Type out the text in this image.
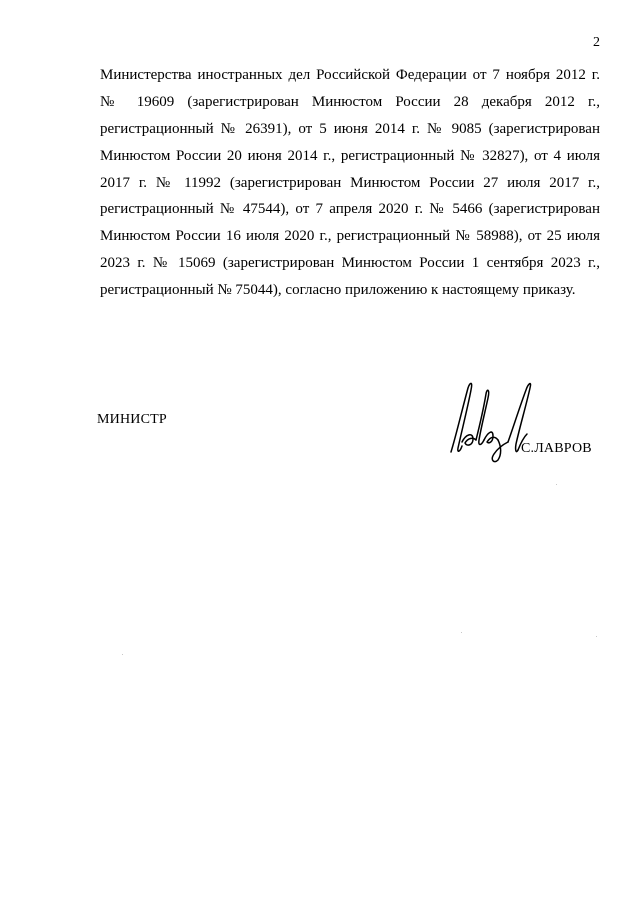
2
Министерства иностранных дел Российской Федерации от 7 ноября 2012 г.
№ 19609 (зарегистрирован Минюстом России 28 декабря 2012 г.,
регистрационный № 26391), от 5 июня 2014 г. № 9085 (зарегистрирован
Минюстом России 20 июня 2014 г., регистрационный № 32827), от 4 июля
2017 г. № 11992 (зарегистрирован Минюстом России 27 июля 2017 г.,
регистрационный № 47544), от 7 апреля 2020 г. № 5466 (зарегистрирован
Минюстом России 16 июля 2020 г., регистрационный № 58988), от 25 июля
2023 г. № 15069 (зарегистрирован Минюстом России 1 сентября 2023 г.,
регистрационный № 75044), согласно приложению к настоящему приказу.
МИНИСТР
С.ЛАВРОВ
